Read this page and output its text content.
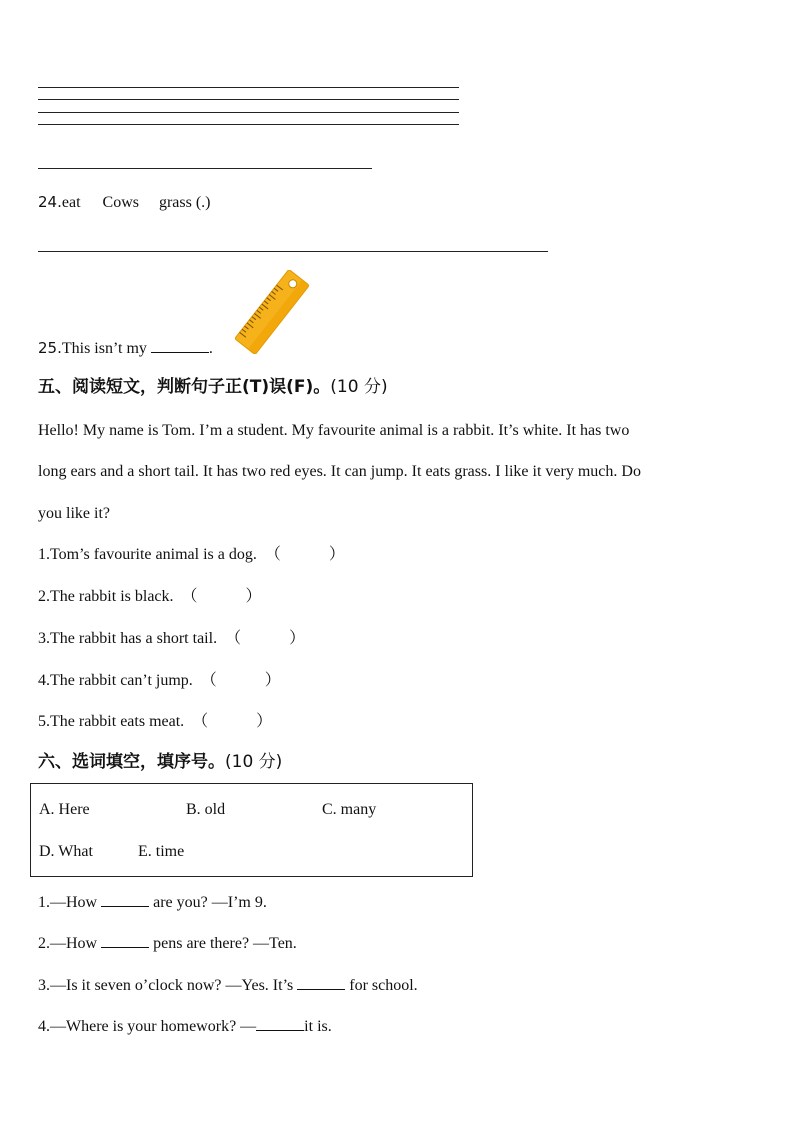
24.eat Cows grass (.)
25.This isn’t my	.
五、阅读短文，判断句子正(T)误(F)。(10 分)
Hello! My name is Tom. I’m a student. My favourite animal is a rabbit. It’s white. It has two
long ears and a short tail. It has two red eyes. It can jump. It eats grass. I like it very much. Do
you like it?
1.Tom’s favourite animal is a dog. （　　　）
2.The rabbit is black. （　　　）
3.The rabbit has a short tail. （　　　）
4.The rabbit can’t jump. （　　　）
5.The rabbit eats meat. （　　　）
六、选词填空，填序号。(10 分)
A. Here	B. old	C. many
D. What	E. time
1.—How	are you? —I’m 9.
2.—How	pens are there? —Ten.
3.—Is it seven o’clock now? —Yes. It’s	for school.
4.—Where is your homework? —	it is.
